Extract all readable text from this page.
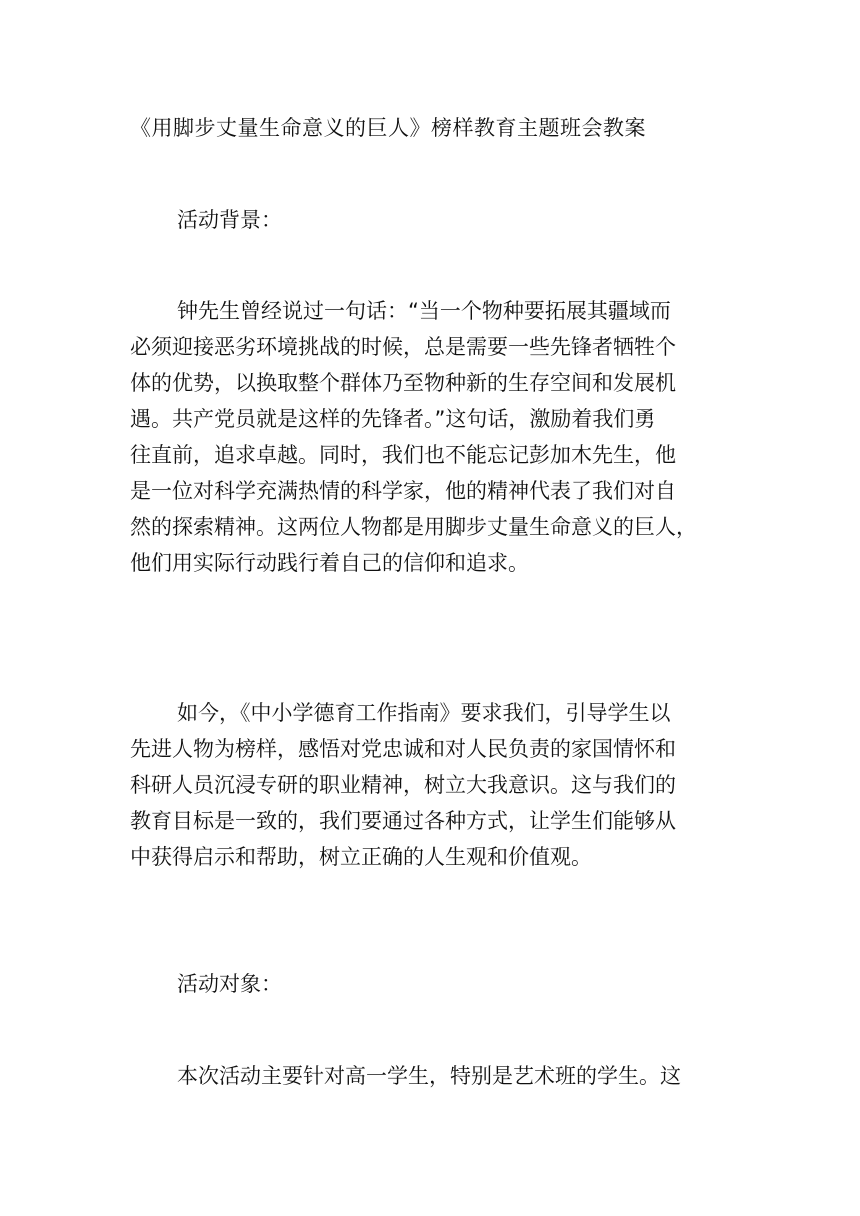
《用脚步丈量生命意义的巨人》榜样教育主题班会教案
活动背景：
钟先生曾经说过一句话：“当一个物种要拓展其疆域而
必须迎接恶劣环境挑战的时候，总是需要一些先锋者牺牲个
体的优势，以换取整个群体乃至物种新的生存空间和发展机
遇。共产党员就是这样的先锋者。”这句话，激励着我们勇
往直前，追求卓越。同时，我们也不能忘记彭加木先生，他
是一位对科学充满热情的科学家，他的精神代表了我们对自
然的探索精神。这两位人物都是用脚步丈量生命意义的巨人，
他们用实际行动践行着自己的信仰和追求。
如今，《中小学德育工作指南》要求我们，引导学生以
先进人物为榜样，感悟对党忠诚和对人民负责的家国情怀和
科研人员沉浸专研的职业精神，树立大我意识。这与我们的
教育目标是一致的，我们要通过各种方式，让学生们能够从
中获得启示和帮助，树立正确的人生观和价值观。
活动对象：
本次活动主要针对高一学生，特别是艺术班的学生。这
